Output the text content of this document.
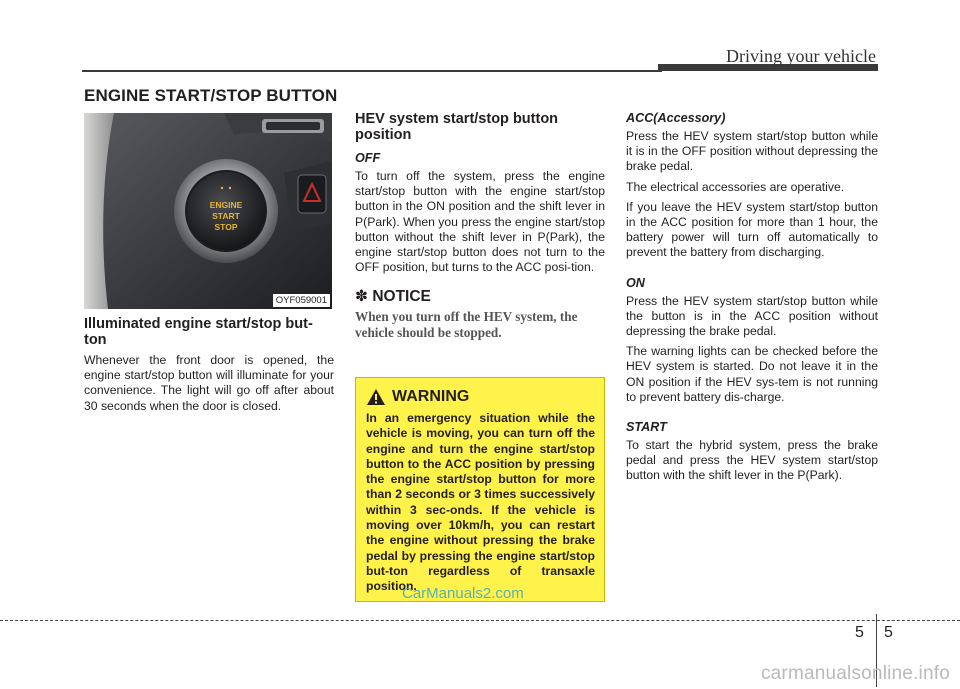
Driving your vehicle
ENGINE START/STOP BUTTON
ENGINE
START
STOP
OYF059001
Illuminated engine start/stop but-ton

Whenever the front door is opened, the engine start/stop button will illuminate for your convenience. The light will go off after about 30 seconds when the door is closed.

HEV system start/stop button position
OFF

To turn off the system, press the engine start/stop button with the engine start/stop button in the ON position and the shift lever in P(Park). When you press the engine start/stop button without the shift lever in P(Park), the engine start/stop button does not turn to the OFF position, but turns to the ACC posi-tion.

✽ NOTICE

When you turn off the HEV system, the vehicle should be stopped.

WARNING

In an emergency situation while the vehicle is moving, you can turn off the engine and turn the engine start/stop button to the ACC position by pressing the engine start/stop button for more than 2 seconds or 3 times successively within 3 sec-onds. If the vehicle is moving over 10km/h, you can restart the engine without pressing the brake pedal by pressing the engine start/stop but-ton regardless of transaxle position.

CarManuals2.com
ACC(Accessory)

Press the HEV system start/stop button while it is in the OFF position without depressing the brake pedal.

The electrical accessories are operative.

If you leave the HEV system start/stop button in the ACC position for more than 1 hour, the battery power will turn off automatically to prevent the battery from discharging.

ON

Press the HEV system start/stop button while the button is in the ACC position without depressing the brake pedal.

The warning lights can be checked before the HEV system is started. Do not leave it in the ON position if the HEV sys-tem is not running to prevent battery dis-charge.

START

To start the hybrid system, press the brake pedal and press the HEV system start/stop button with the shift lever in the P(Park).

5 5
carmanualsonline.info
